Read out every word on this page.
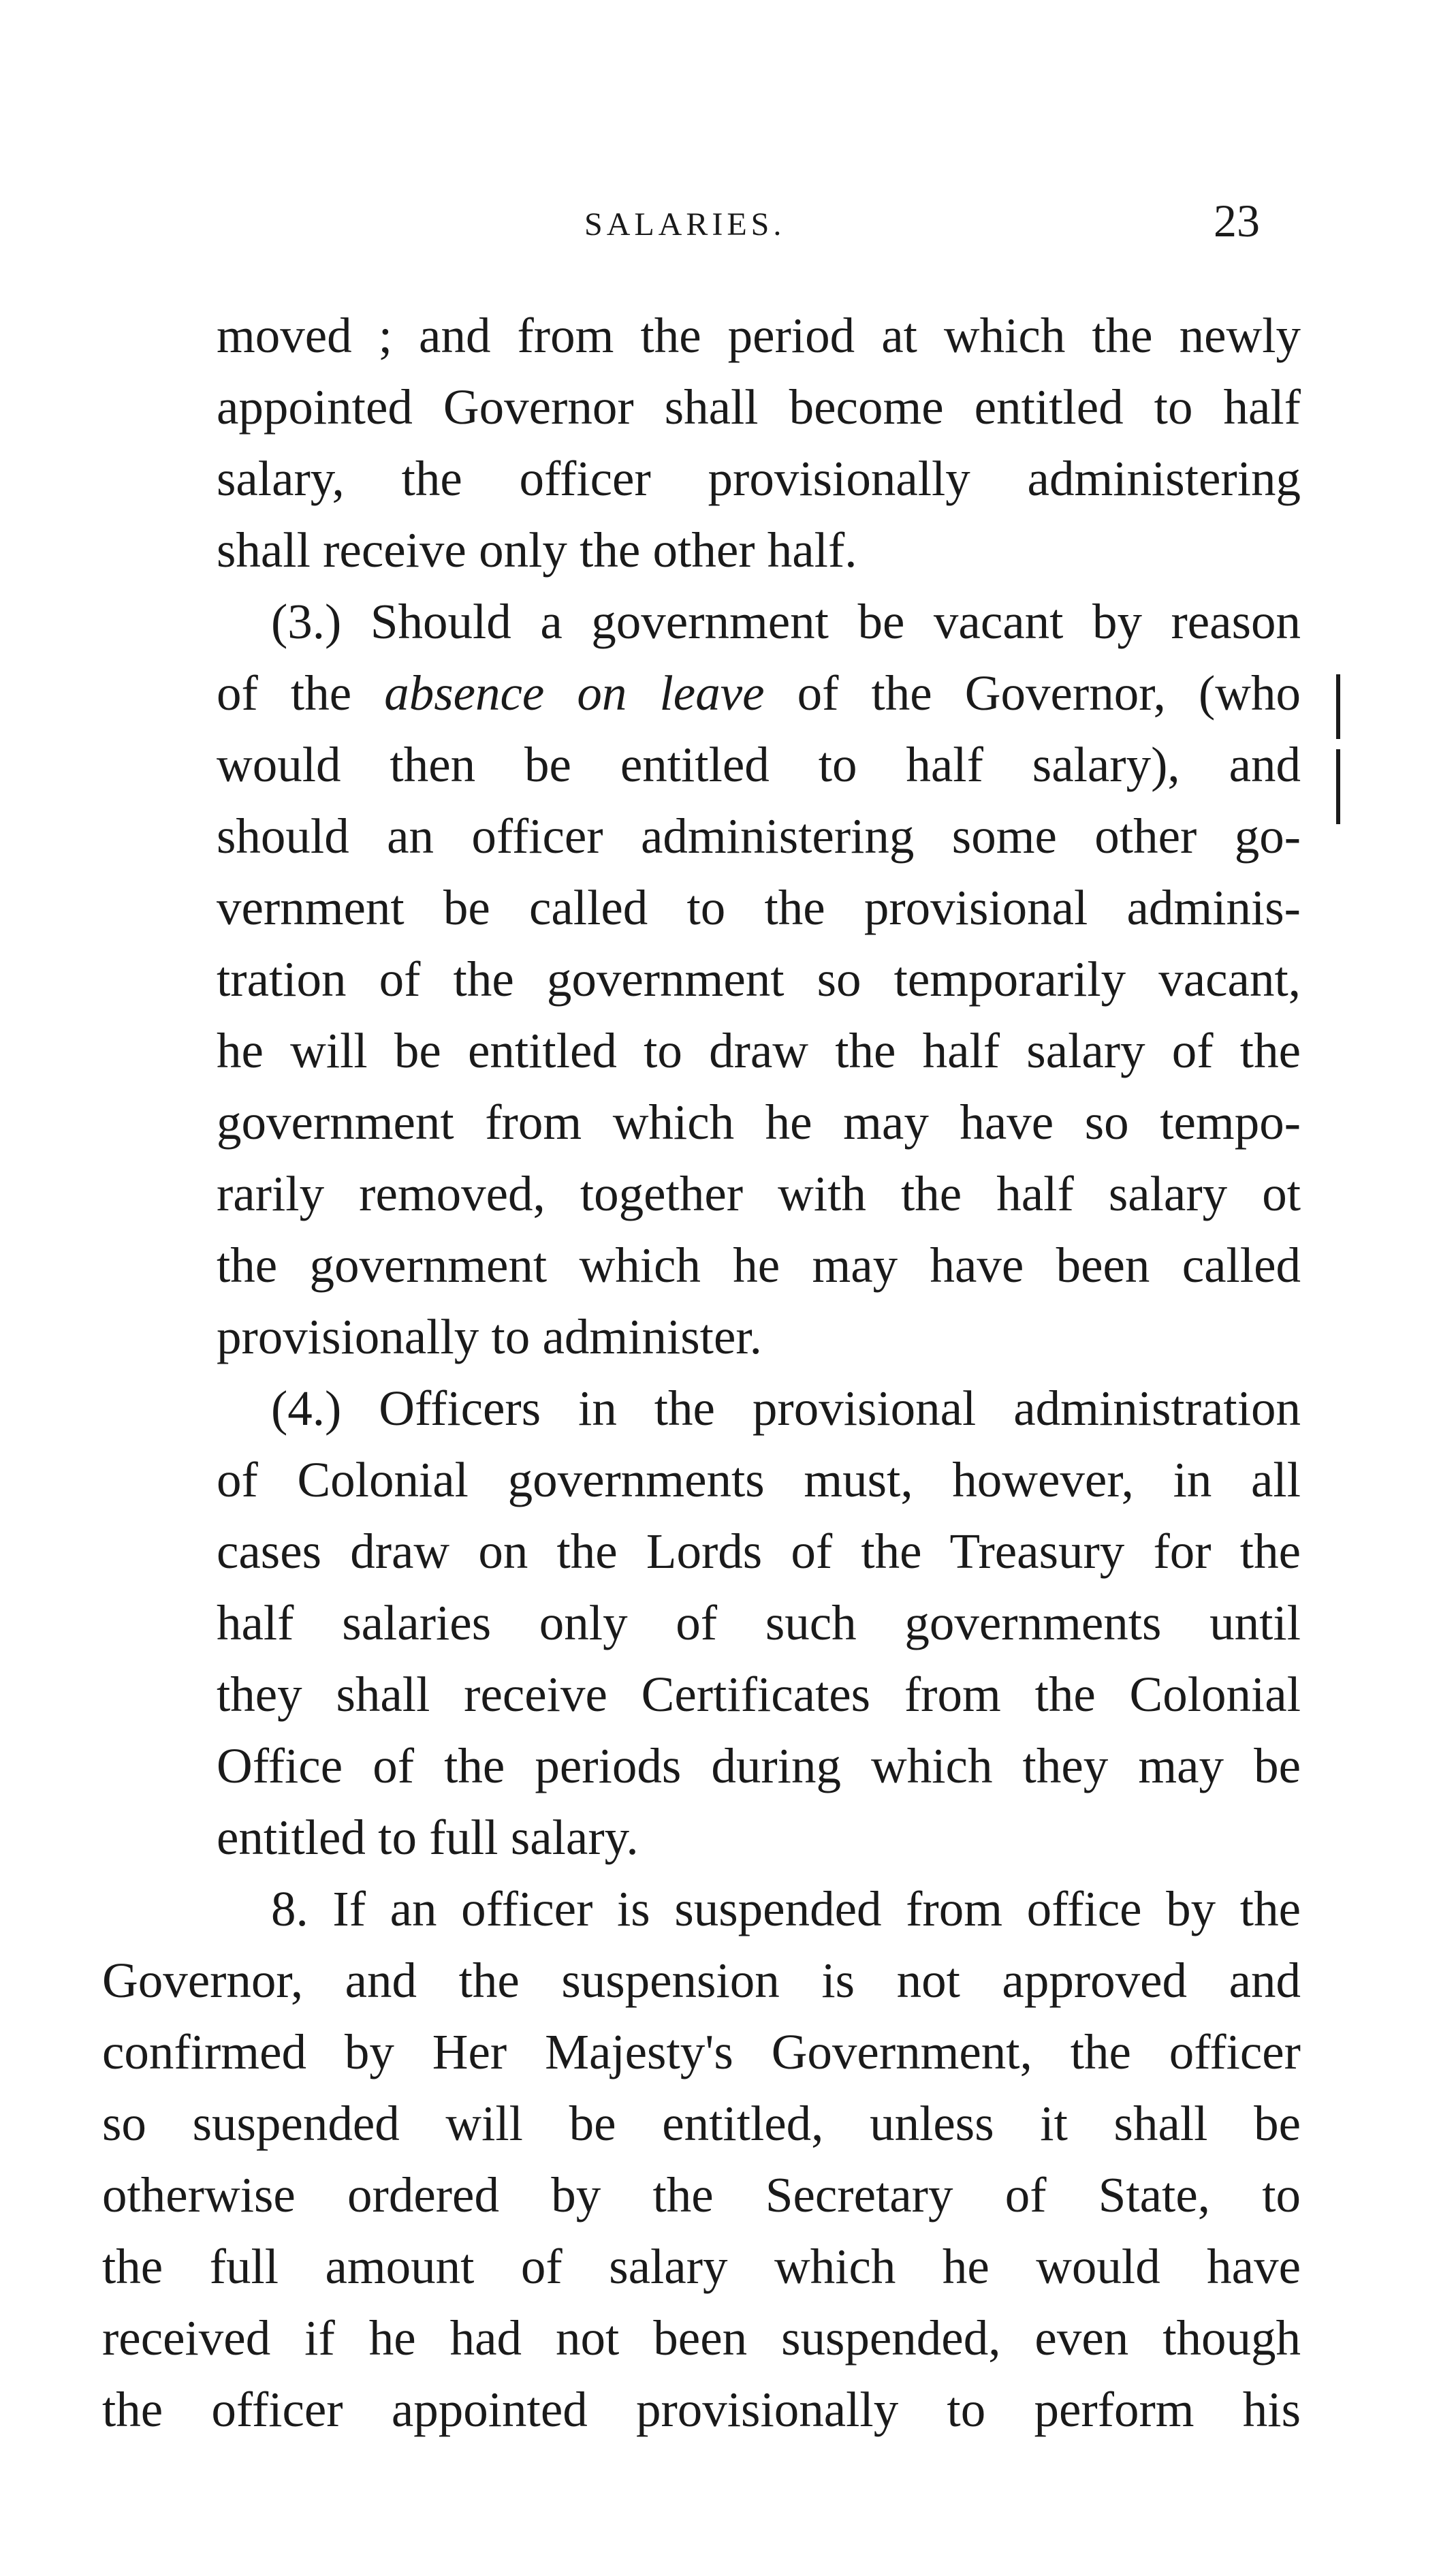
SALARIES.	23
moved ; and from the period at which the newly
appointed Governor shall become entitled to half
salary, the officer provisionally administering
shall receive only the other half.
(3.) Should a government be vacant by reason
of the absence on leave of the Governor, (who
would then be entitled to half salary), and
should an officer administering some other go-
vernment be called to the provisional adminis-
tration of the government so temporarily vacant,
he will be entitled to draw the half salary of the
government from which he may have so tempo-
rarily removed, together with the half salary ot
the government which he may have been called
provisionally to administer.
(4.) Officers in the provisional administration
of Colonial governments must, however, in all
cases draw on the Lords of the Treasury for the
half salaries only of such governments until
they shall receive Certificates from the Colonial
Office of the periods during which they may be
entitled to full salary.
8. If an officer is suspended from office by the
Governor, and the suspension is not approved and
confirmed by Her Majesty's Government, the officer
so suspended will be entitled, unless it shall be
otherwise ordered by the Secretary of State, to
the full amount of salary which he would have
received if he had not been suspended, even though
the officer appointed provisionally to perform his
